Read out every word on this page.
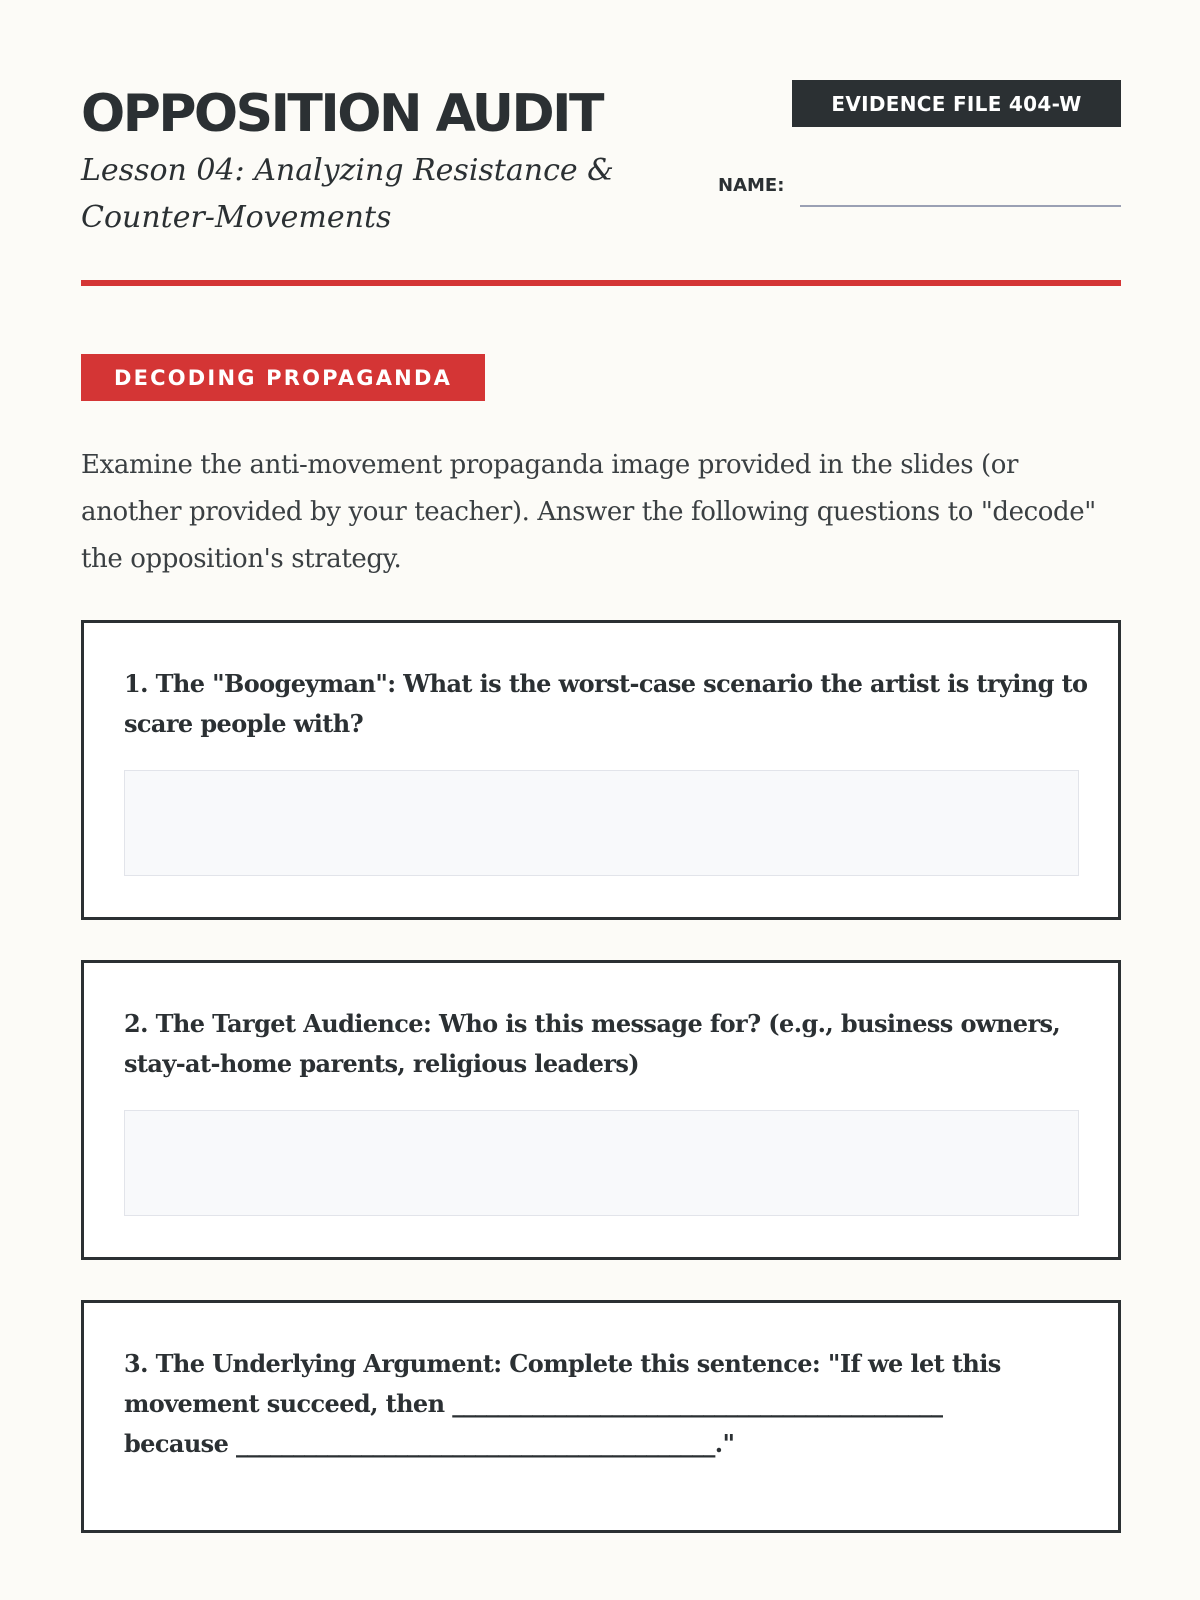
OPPOSITION AUDIT

Lesson 04: Analyzing Resistance & Counter-Movements

EVIDENCE FILE 404-W
NAME:
DECODING PROPAGANDA

Examine the anti-movement propaganda image provided in the slides (or another provided by your teacher). Answer the following questions to "decode" the opposition's strategy.

1. The "Boogeyman": What is the worst-case scenario the artist is trying to
scare people with?
2. The Target Audience: Who is this message for? (e.g., business owners,
stay-at-home parents, religious leaders)
3. The Underlying Argument: Complete this sentence: "If we let this
movement succeed, then ___________________________________________
because __________________________________________."
